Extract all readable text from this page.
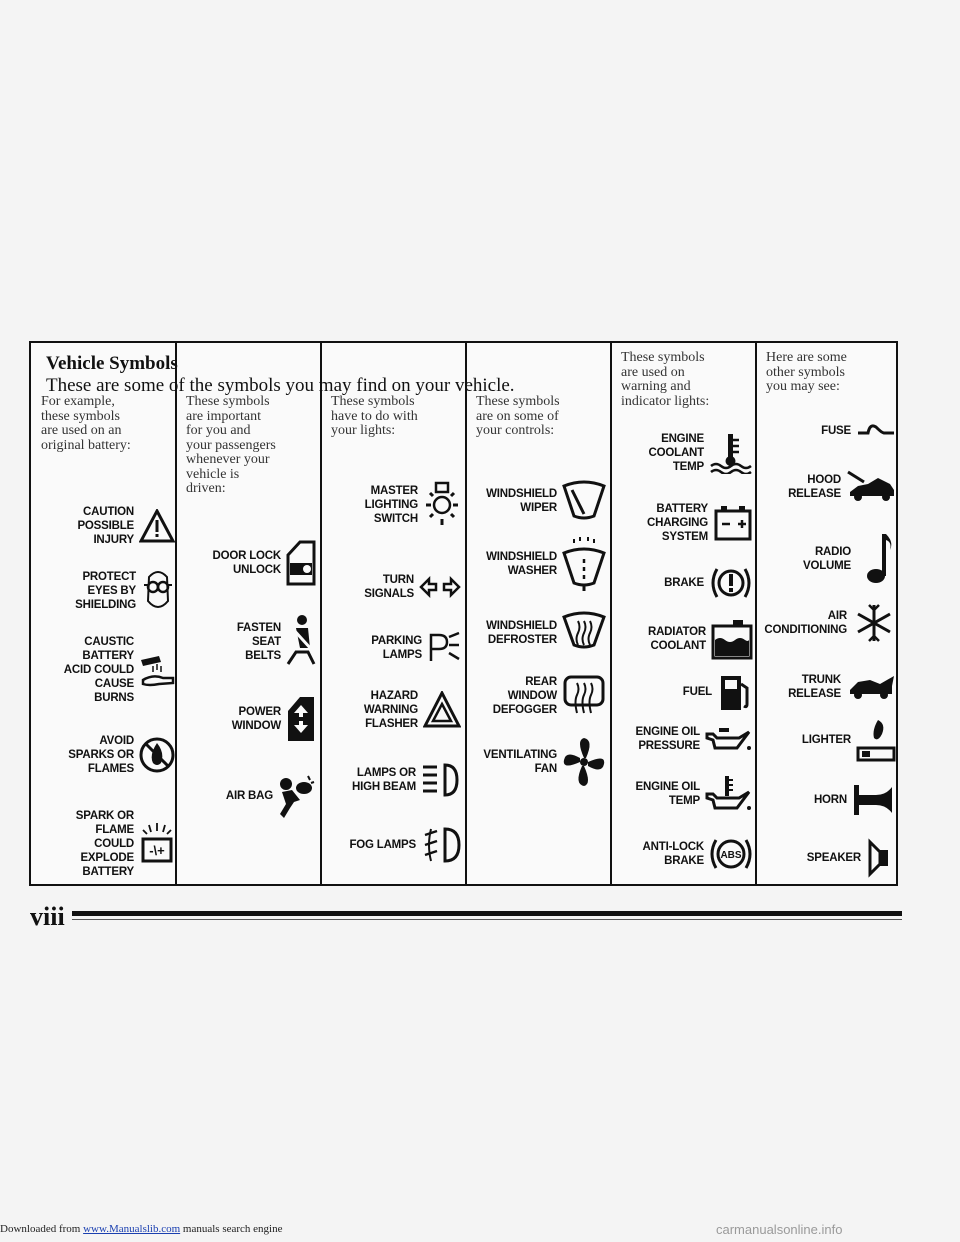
Vehicle Symbols
These are some of the symbols you may find on your vehicle.
For example,
these symbols
are used on an
original battery:
These symbols
are important
for you and
your passengers
whenever your
vehicle is
driven:
These symbols
have to do with
your lights:
These symbols
are on some of
your controls:
These symbols
are used on
warning and
indicator lights:
Here are some
other symbols
you may see:
CAUTION
POSSIBLE
INJURY
PROTECT
EYES BY
SHIELDING
CAUSTIC
BATTERY
ACID COULD
CAUSE
BURNS
AVOID
SPARKS OR
FLAMES
SPARK OR
FLAME
COULD
EXPLODE
BATTERY
-\+
DOOR LOCK
UNLOCK
FASTEN
SEAT
BELTS
POWER
WINDOW
AIR BAG
MASTER
LIGHTING
SWITCH
TURN
SIGNALS
PARKING
LAMPS
HAZARD
WARNING
FLASHER
LAMPS OR
HIGH BEAM
FOG LAMPS
WINDSHIELD
WIPER
WINDSHIELD
WASHER
WINDSHIELD
DEFROSTER
REAR
WINDOW
DEFOGGER
VENTILATING
FAN
ENGINE
COOLANT
TEMP
BATTERY
CHARGING
SYSTEM
BRAKE
RADIATOR
COOLANT
FUEL
ENGINE OIL
PRESSURE
ENGINE OIL
TEMP
ANTI-LOCK
BRAKE ABS
FUSE
HOOD
RELEASE
RADIO
VOLUME
AIR
CONDITIONING
TRUNK
RELEASE
LIGHTER
HORN
SPEAKER
viii
Downloaded from www.Manualslib.com manuals search engine	carmanualsonline.info
